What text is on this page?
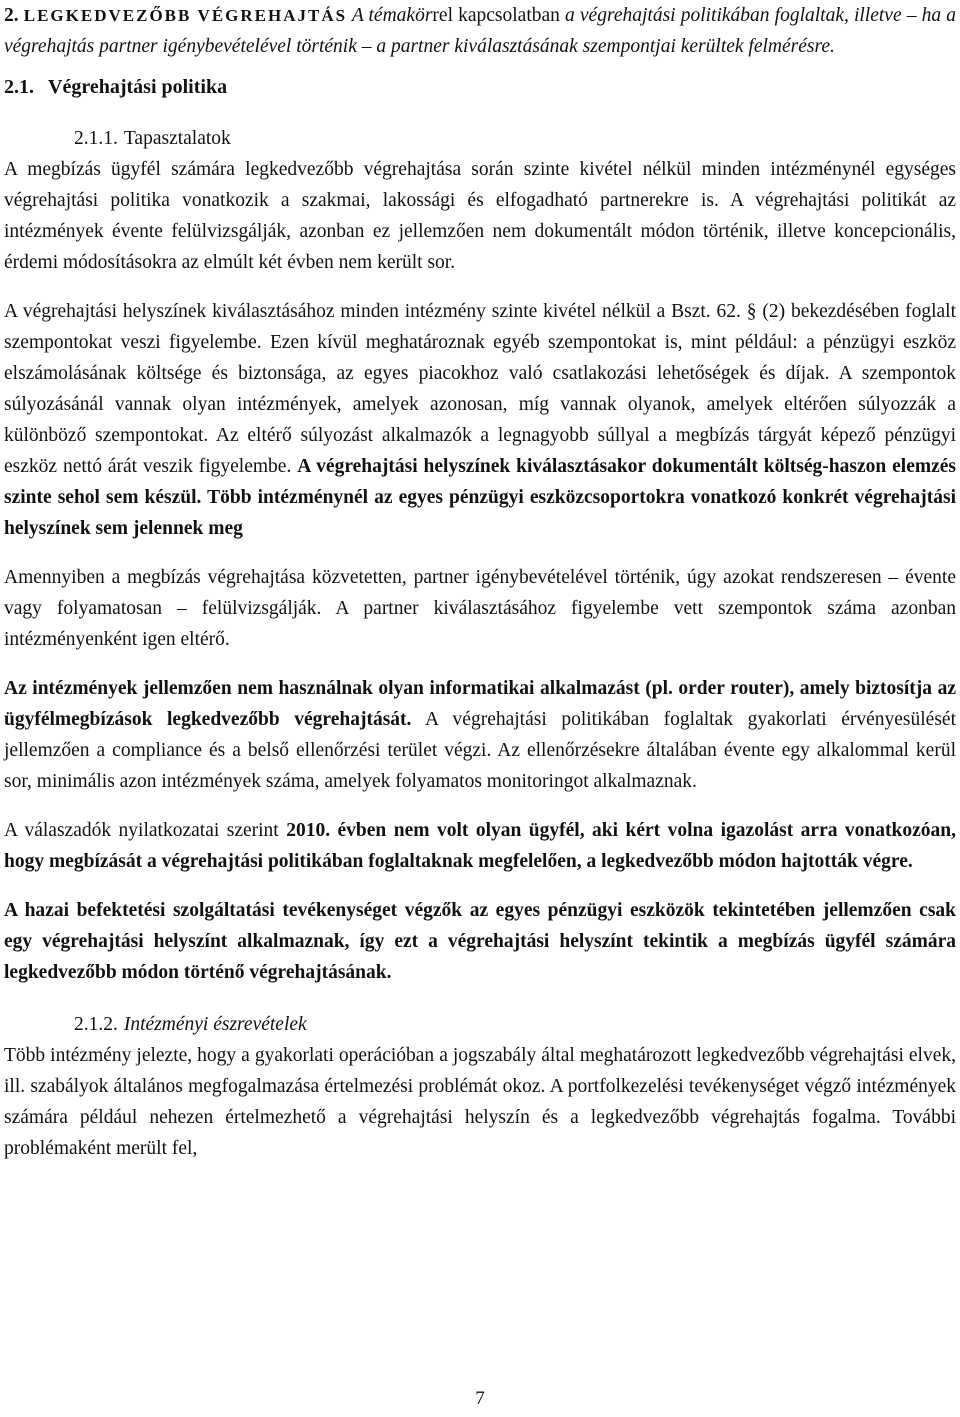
2. LEGKEDVEZŐBB VÉGREHAJTÁS A témakörrel kapcsolatban a végrehajtási politikában foglaltak, illetve – ha a végrehajtás partner igénybevételével történik – a partner kiválasztásának szempontjai kerültek felmérésre.

2.1. Végrehajtási politika
2.1.1. Tapasztalatok

A megbízás ügyfél számára legkedvezőbb végrehajtása során szinte kivétel nélkül minden intézménynél egységes végrehajtási politika vonatkozik a szakmai, lakossági és elfogadható partnerekre is. A végrehajtási politikát az intézmények évente felülvizsgálják, azonban ez jellemzően nem dokumentált módon történik, illetve koncepcionális, érdemi módosításokra az elmúlt két évben nem került sor.

A végrehajtási helyszínek kiválasztásához minden intézmény szinte kivétel nélkül a Bszt. 62. § (2) bekezdésében foglalt szempontokat veszi figyelembe. Ezen kívül meghatároznak egyéb szempontokat is, mint például: a pénzügyi eszköz elszámolásának költsége és biztonsága, az egyes piacokhoz való csatlakozási lehetőségek és díjak. A szempontok súlyozásánál vannak olyan intézmények, amelyek azonosan, míg vannak olyanok, amelyek eltérően súlyozzák a különböző szempontokat. Az eltérő súlyozást alkalmazók a legnagyobb súllyal a megbízás tárgyát képező pénzügyi eszköz nettó árát veszik figyelembe. A végrehajtási helyszínek kiválasztásakor dokumentált költség-haszon elemzés szinte sehol sem készül. Több intézménynél az egyes pénzügyi eszközcsoportokra vonatkozó konkrét végrehajtási helyszínek sem jelennek meg

Amennyiben a megbízás végrehajtása közvetetten, partner igénybevételével történik, úgy azokat rendszeresen – évente vagy folyamatosan – felülvizsgálják. A partner kiválasztásához figyelembe vett szempontok száma azonban intézményenként igen eltérő.

Az intézmények jellemzően nem használnak olyan informatikai alkalmazást (pl. order router), amely biztosítja az ügyfélmegbízások legkedvezőbb végrehajtását. A végrehajtási politikában foglaltak gyakorlati érvényesülését jellemzően a compliance és a belső ellenőrzési terület végzi. Az ellenőrzésekre általában évente egy alkalommal kerül sor, minimális azon intézmények száma, amelyek folyamatos monitoringot alkalmaznak.

A válaszadók nyilatkozatai szerint 2010. évben nem volt olyan ügyfél, aki kért volna igazolást arra vonatkozóan, hogy megbízását a végrehajtási politikában foglaltaknak megfelelően, a legkedvezőbb módon hajtották végre.

A hazai befektetési szolgáltatási tevékenységet végzők az egyes pénzügyi eszközök tekintetében jellemzően csak egy végrehajtási helyszínt alkalmaznak, így ezt a végrehajtási helyszínt tekintik a megbízás ügyfél számára legkedvezőbb módon történő végrehajtásának.

2.1.2. Intézményi észrevételek

Több intézmény jelezte, hogy a gyakorlati operációban a jogszabály által meghatározott legkedvezőbb végrehajtási elvek, ill. szabályok általános megfogalmazása értelmezési problémát okoz. A portfolkezelési tevékenységet végző intézmények számára például nehezen értelmezhető a végrehajtási helyszín és a legkedvezőbb végrehajtás fogalma. További problémaként merült fel,

7
